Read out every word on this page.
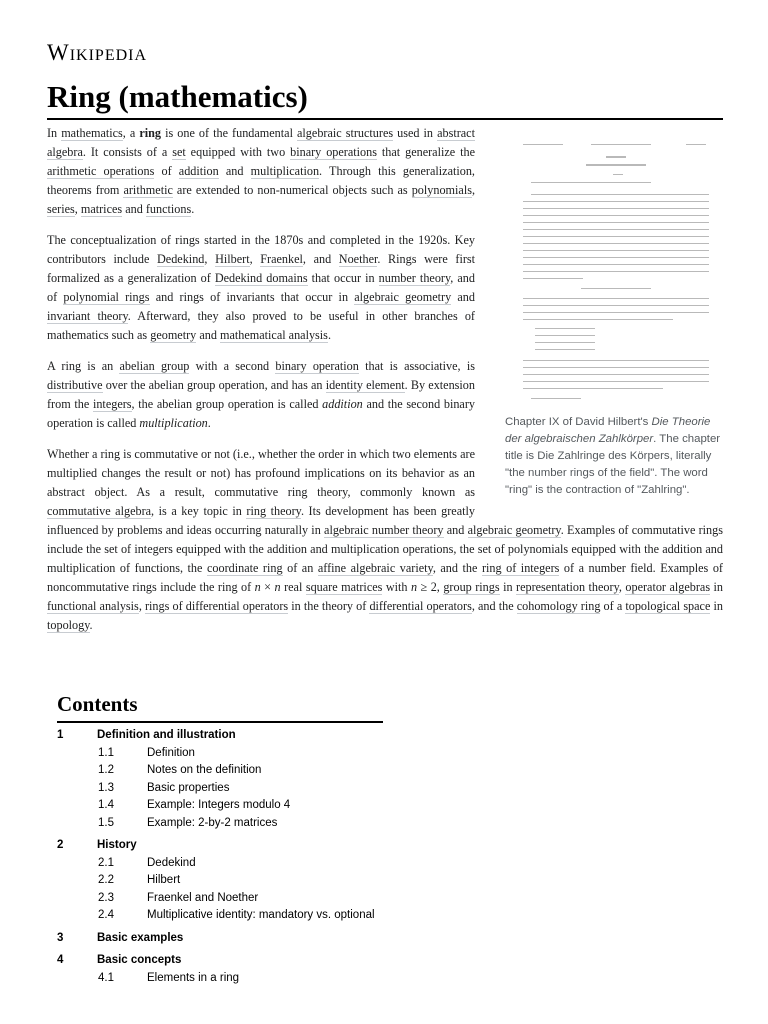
Wikipedia
Ring (mathematics)
Chapter IX of David Hilbert's Die Theorie der algebraischen Zahlkörper. The chapter title is Die Zahlringe des Körpers, literally "the number rings of the field". The word "ring" is the contraction of "Zahlring".

In mathematics, a ring is one of the fundamental algebraic structures used in abstract algebra. It consists of a set equipped with two binary operations that generalize the arithmetic operations of addition and multiplication. Through this generalization, theorems from arithmetic are extended to non-numerical objects such as polynomials, series, matrices and functions.

The conceptualization of rings started in the 1870s and completed in the 1920s. Key contributors include Dedekind, Hilbert, Fraenkel, and Noether. Rings were first formalized as a generalization of Dedekind domains that occur in number theory, and of polynomial rings and rings of invariants that occur in algebraic geometry and invariant theory. Afterward, they also proved to be useful in other branches of mathematics such as geometry and mathematical analysis.

A ring is an abelian group with a second binary operation that is associative, is distributive over the abelian group operation, and has an identity element. By extension from the integers, the abelian group operation is called addition and the second binary operation is called multiplication.

Whether a ring is commutative or not (i.e., whether the order in which two elements are multiplied changes the result or not) has profound implications on its behavior as an abstract object. As a result, commutative ring theory, commonly known as commutative algebra, is a key topic in ring theory. Its development has been greatly influenced by problems and ideas occurring naturally in algebraic number theory and algebraic geometry. Examples of commutative rings include the set of integers equipped with the addition and multiplication operations, the set of polynomials equipped with the addition and multiplication of functions, the coordinate ring of an affine algebraic variety, and the ring of integers of a number field. Examples of noncommutative rings include the ring of n × n real square matrices with n ≥ 2, group rings in representation theory, operator algebras in functional analysis, rings of differential operators in the theory of differential operators, and the cohomology ring of a topological space in topology.

Contents
1	Definition and illustration
1.1	Definition
1.2	Notes on the definition
1.3	Basic properties
1.4	Example: Integers modulo 4
1.5	Example: 2-by-2 matrices
2	History
2.1	Dedekind
2.2	Hilbert
2.3	Fraenkel and Noether
2.4	Multiplicative identity: mandatory vs. optional
3	Basic examples
4	Basic concepts
4.1	Elements in a ring
